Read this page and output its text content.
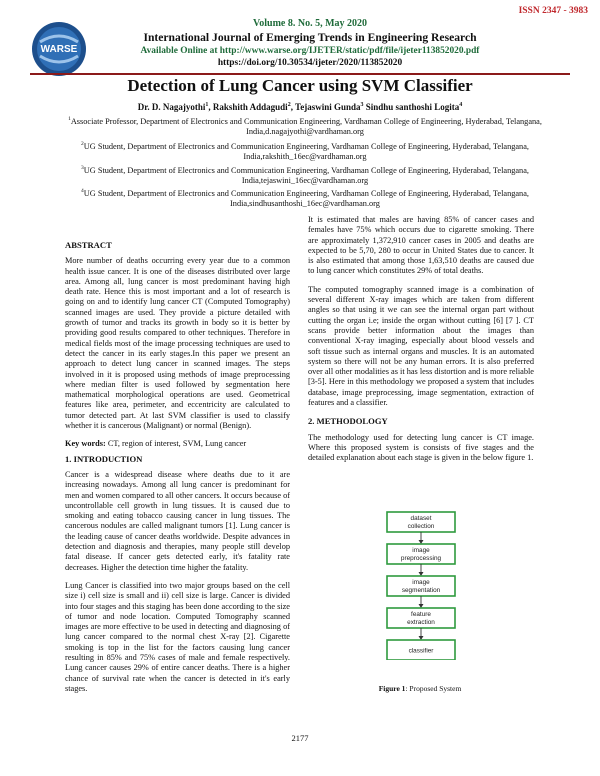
ISSN 2347 - 3983
WARSE
Volume 8. No. 5, May 2020
International Journal of Emerging Trends in Engineering Research
Available Online at http://www.warse.org/IJETER/static/pdf/file/ijeter113852020.pdf
https://doi.org/10.30534/ijeter/2020/113852020
Detection of Lung Cancer using SVM Classifier
Dr. D. Nagajyothi$^1$, Rakshith Addagudi$^2$, Tejaswini Gunda$^3$ Sindhu santhoshi Logita$^4$
$^1$Associate Professor, Department of Electronics and Communication Engineering, Vardhaman College of Engineering, Hyderabad, Telangana, India,d.nagajyothi@vardhaman.org
$^2$UG Student, Department of Electronics and Communication Engineering, Vardhaman College of Engineering, Hyderabad, Telangana, India,rakshith_16ec@vardhaman.org
$^3$UG Student, Department of Electronics and Communication Engineering, Vardhaman College of Engineering, Hyderabad, Telangana, India,tejaswini_16ec@vardhaman.org
$^4$UG Student, Department of Electronics and Communication Engineering, Vardhaman College of Engineering, Hyderabad, Telangana, India,sindhusanthoshi_16ec@vardhaman.org
ABSTRACT

More number of deaths occurring every year due to a common health issue cancer. It is one of the diseases distributed over large area. Among all, lung cancer is most predominant having high death rate. Hence this is most important and a lot of research is going on and to identify lung cancer CT (Computed Tomography) scanned images are used. They provide a picture detailed with growth of tumor and tracks its growth in body so it is better by providing good results compared to other techniques. Therefore in medical fields most of the image processing techniques are used to detect the cancer in its early stages.In this paper we present an approach to detect lung cancer in scanned images. The steps involved in it is proposed using methods of image preprocessing where median filter is used followed by segmentation here mathematical morphological operations are used. Geometrical features like area, perimeter, and eccentricity are calculated to tumor detected part. At last SVM classifier is used to classify whether it is cancerous (Malignant) or normal (Benign).

Key words: CT, region of interest, SVM, Lung cancer
1. INTRODUCTION

Cancer is a widespread disease where deaths due to it are increasing nowadays. Among all lung cancer is predominant for men and women compared to all other cancers. It occurs because of uncontrollable cell growth in lung tissues. It is caused due to smoking and eating tobacco causing cancer in lung tissues. The cancerous nodules are called malignant tumors [1]. Lung cancer is the leading cause of cancer deaths worldwide. Despite advances in detection and diagnosis and therapies, many people still develop fatal disease. If cancer gets detected early, it's fatality rate decreases. Higher the detection time higher the fatality.

Lung Cancer is classified into two major groups based on the cell size i) cell size is small and ii) cell size is large. Cancer is divided into four stages and this staging has been done according to the size of tumor and node location. Computed Tomography scanned images are more effective to be used in detecting and diagnosing of lung cancer compared to the normal chest X-ray [2]. Cigarette smoking is top in the list for the factors causing lung cancer resulting in 85% and 75% cases of male and female respectively. Lung cancer causes 29% of entire cancer deaths. There is a higher chance of survival rate when the cancer is detected in it's early stages.

It is estimated that males are having 85% of cancer cases and females have 75% which occurs due to cigarette smoking. There are approximately 1,372,910 cancer cases in 2005 and deaths are expected to be 5,70, 280 to occur in United States due to cancer. It is also estimated that among those 1,63,510 deaths are caused due to lung cancer which constitutes 29% of total deaths.

The computed tomography scanned image is a combination of several different X-ray images which are taken from different angles so that using it we can see the internal organ part without cutting the organ i.e; inside the organ without cutting [6] [7 ]. CT scans provide better information about the images than conventional X-ray imaging, especially about blood vessels and soft tissue such as internal organs and muscles. It is an automated system so there will not be any human errors. It is also preferred over all other modalities as it has less distortion and is more reliable [3-5]. Here in this methodology we proposed a system that includes database, image preprocessing, image segmentation, extraction of features and a classifier.

2. METHODOLOGY

The methodology used for detecting lung cancer is CT image. Where this proposed system is consists of five stages and the detailed explanation about each stage is given in the below figure 1.

dataset
collection
image
preprocessing
image
segmentation
feature
extraction
classifier
Figure 1: Proposed System
2177
